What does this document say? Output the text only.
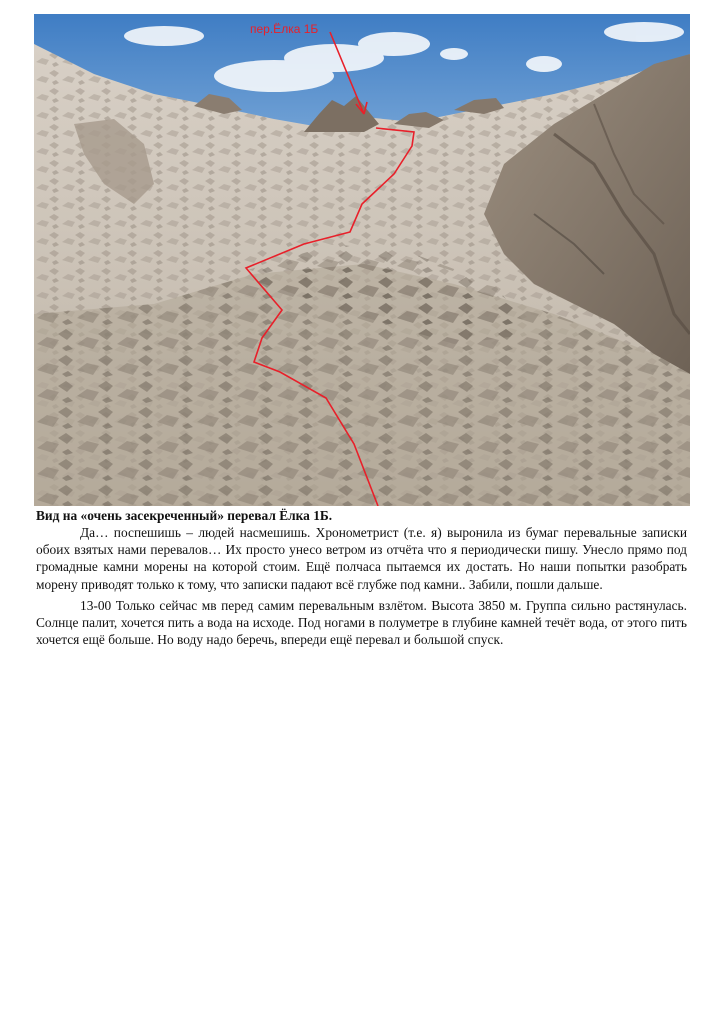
пер.Ёлка 1Б
Вид на «очень засекреченный» перевал Ёлка 1Б.

Да… поспешишь – людей насмешишь. Хронометрист (т.е. я) выронила из бумаг перевальные записки обоих взятых нами перевалов… Их просто унесо ветром из отчёта что я периодически пишу. Унесло прямо под громадные камни морены на которой стоим. Ещё полчаса пытаемся их достать. Но наши попытки разобрать морену приводят только к тому, что записки падают всё глубже под камни.. Забили, пошли дальше.

13-00 Только сейчас мв перед самим перевальным взлётом. Высота 3850 м. Группа сильно растянулась. Солнце палит, хочется пить а вода на исходе. Под ногами в полуметре в глубине камней течёт вода, от этого пить хочется ещё больше. Но воду надо беречь, впереди ещё перевал и большой спуск.
